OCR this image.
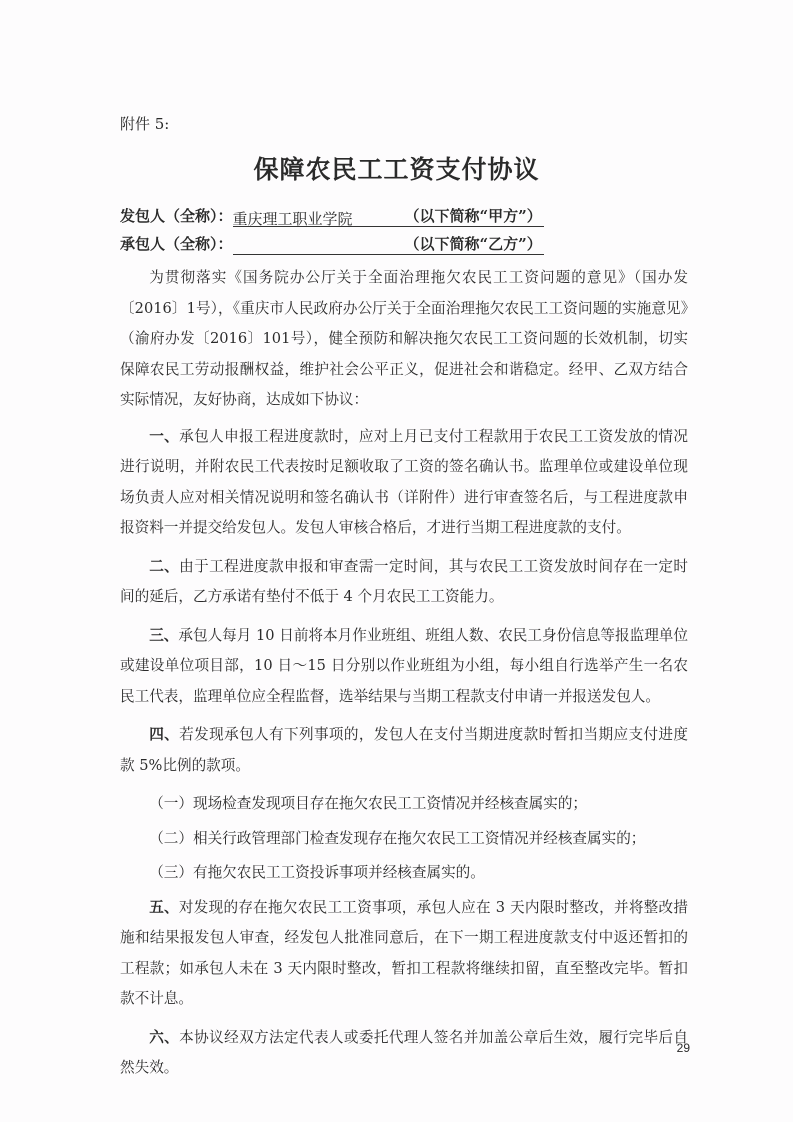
附件 5:
保障农民工工资支付协议
发包人（全称）：重庆理工职业学院	（以下简称“甲方”）
承包人（全称）：	（以下简称“乙方”）

为贯彻落实《国务院办公厅关于全面治理拖欠农民工工资问题的意见》（国办发〔2016〕1号），《重庆市人民政府办公厅关于全面治理拖欠农民工工资问题的实施意见》（渝府办发〔2016〕101号），健全预防和解决拖欠农民工工资问题的长效机制，切实保障农民工劳动报酬权益，维护社会公平正义，促进社会和谐稳定。经甲、乙双方结合实际情况，友好协商，达成如下协议：

一、承包人申报工程进度款时，应对上月已支付工程款用于农民工工资发放的情况进行说明，并附农民工代表按时足额收取了工资的签名确认书。监理单位或建设单位现场负责人应对相关情况说明和签名确认书（详附件）进行审查签名后，与工程进度款申报资料一并提交给发包人。发包人审核合格后，才进行当期工程进度款的支付。

二、由于工程进度款申报和审查需一定时间，其与农民工工资发放时间存在一定时间的延后，乙方承诺有垫付不低于 4 个月农民工工资能力。

三、承包人每月 10 日前将本月作业班组、班组人数、农民工身份信息等报监理单位或建设单位项目部，10 日～15 日分别以作业班组为小组，每小组自行选举产生一名农民工代表，监理单位应全程监督，选举结果与当期工程款支付申请一并报送发包人。

四、若发现承包人有下列事项的，发包人在支付当期进度款时暂扣当期应支付进度款 5%比例的款项。

（一）现场检查发现项目存在拖欠农民工工资情况并经核查属实的；

（二）相关行政管理部门检查发现存在拖欠农民工工资情况并经核查属实的；

（三）有拖欠农民工工资投诉事项并经核查属实的。

五、对发现的存在拖欠农民工工资事项，承包人应在 3 天内限时整改，并将整改措施和结果报发包人审查，经发包人批准同意后，在下一期工程进度款支付中返还暂扣的工程款；如承包人未在 3 天内限时整改，暂扣工程款将继续扣留，直至整改完毕。暂扣款不计息。

六、本协议经双方法定代表人或委托代理人签名并加盖公章后生效，履行完毕后自然失效。

29
